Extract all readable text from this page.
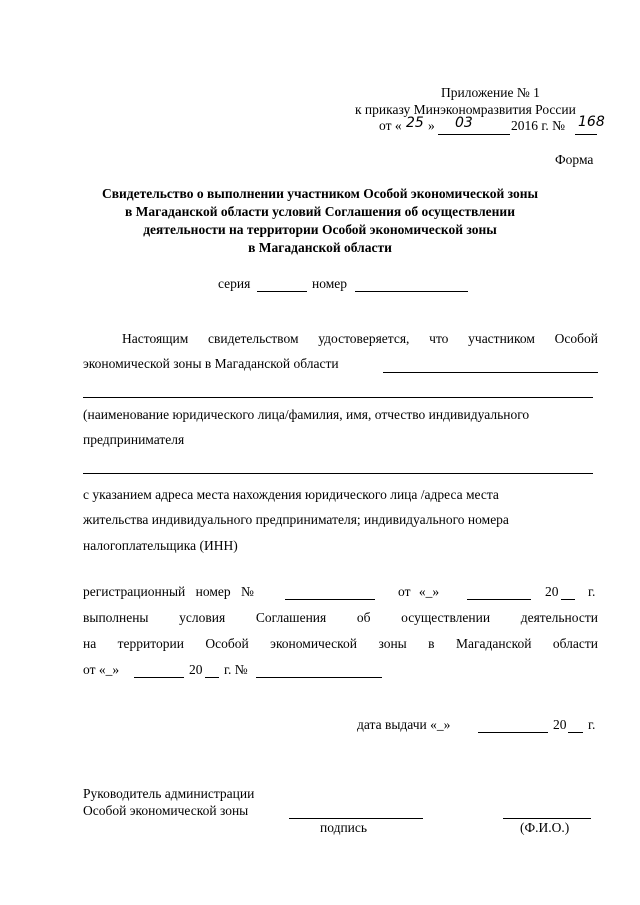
Приложение № 1
к приказу Минэкономразвития России
от « 25 » 03	2016 г. № 168
Форма
Свидетельство о выполнении участником Особой экономической зоны
в Магаданской области условий Соглашения об осуществлении
деятельности на территории Особой экономической зоны
в Магаданской области
серия	номер
Настоящим свидетельством удостоверяется, что участником Особой
экономической зоны в Магаданской области
(наименование юридического лица/фамилия, имя, отчество индивидуального
предпринимателя
с указанием адреса места нахождения юридического лица /адреса места
жительства индивидуального предпринимателя; индивидуального номера
налогоплательщика (ИНН)
регистрационный номер №	от «_»	20 г.
выполнены условия Соглашения об осуществлении деятельности
на территории Особой экономической зоны в Магаданской области
от «_»	20 г. №
дата выдачи «_»	20 г.
Руководитель администрации
Особой экономической зоны
подпись	(Ф.И.О.)
